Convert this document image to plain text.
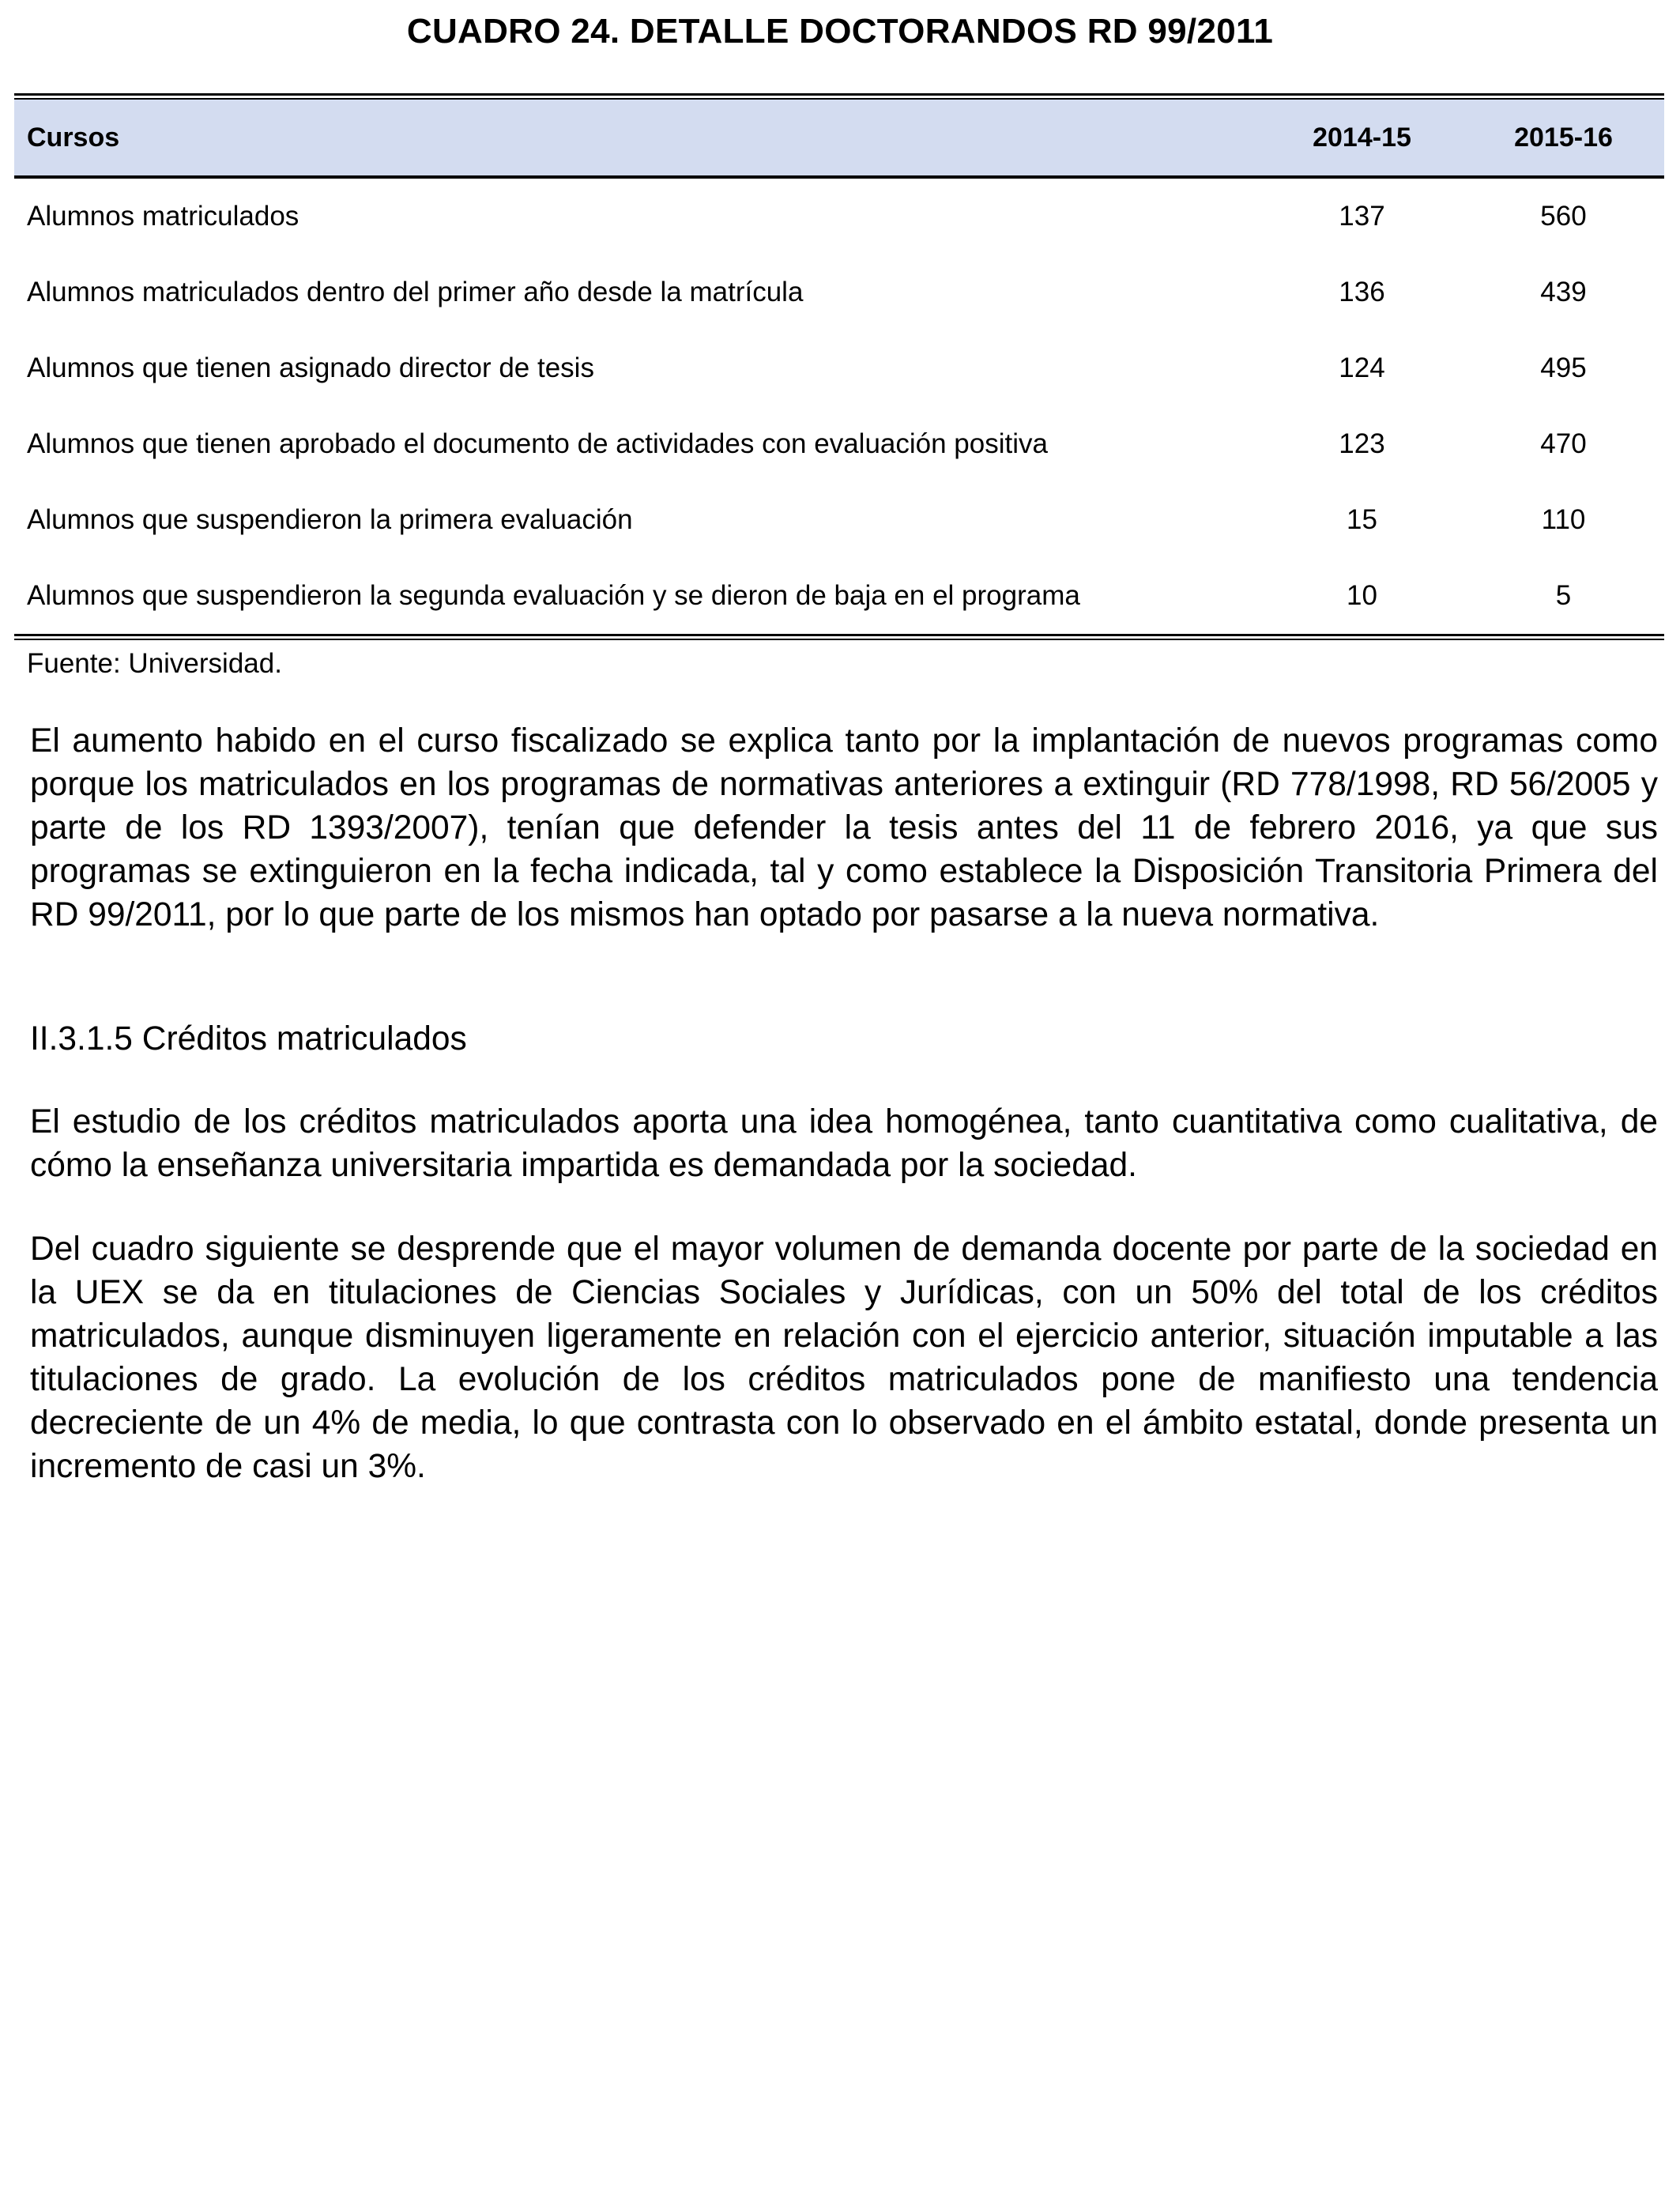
CUADRO 24. DETALLE DOCTORANDOS RD 99/2011
Cursos	2014-15	2015-16
Alumnos matriculados	137	560
Alumnos matriculados dentro del primer año desde la matrícula	136	439
Alumnos que tienen asignado director de tesis	124	495
Alumnos que tienen aprobado el documento de actividades con evaluación positiva	123	470
Alumnos que suspendieron la primera evaluación	15	110
Alumnos que suspendieron la segunda evaluación y se dieron de baja en el programa	10	5

Fuente: Universidad.

El aumento habido en el curso fiscalizado se explica tanto por la implantación de nuevos programas como porque los matriculados en los programas de normativas anteriores a extinguir (RD 778/1998, RD 56/2005 y parte de los RD 1393/2007), tenían que defender la tesis antes del 11 de febrero 2016, ya que sus programas se extinguieron en la fecha indicada, tal y como establece la Disposición Transitoria Primera del RD 99/2011, por lo que parte de los mismos han optado por pasarse a la nueva normativa.

II.3.1.5 Créditos matriculados

El estudio de los créditos matriculados aporta una idea homogénea, tanto cuantitativa como cualitativa, de cómo la enseñanza universitaria impartida es demandada por la sociedad.

Del cuadro siguiente se desprende que el mayor volumen de demanda docente por parte de la sociedad en la UEX se da en titulaciones de Ciencias Sociales y Jurídicas, con un 50% del total de los créditos matriculados, aunque disminuyen ligeramente en relación con el ejercicio anterior, situación imputable a las titulaciones de grado. La evolución de los créditos matriculados pone de manifiesto una tendencia decreciente de un 4% de media, lo que contrasta con lo observado en el ámbito estatal, donde presenta un incremento de casi un 3%.
